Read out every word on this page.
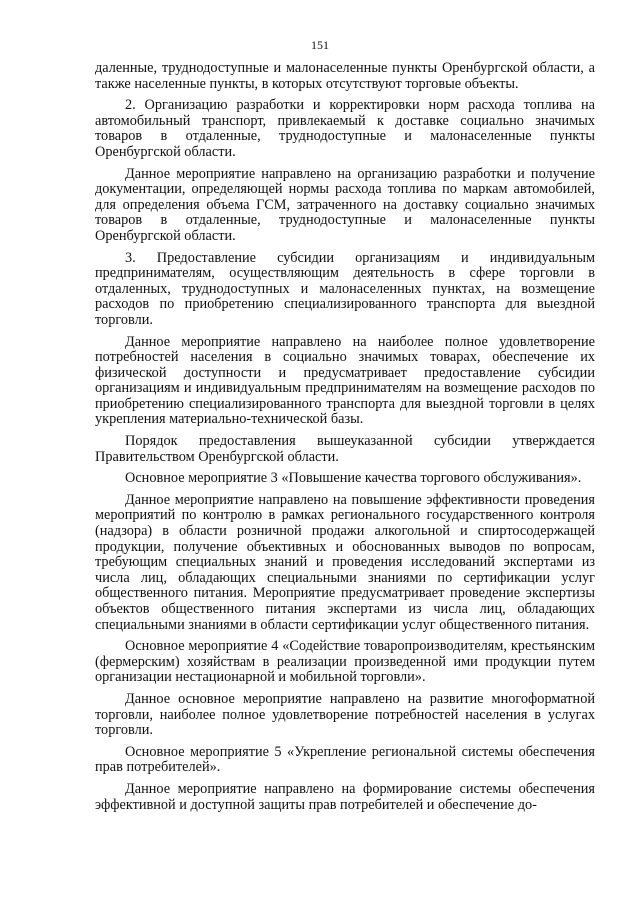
151

даленные, труднодоступные и малонаселенные пункты Оренбургской области, а также населенные пункты, в которых отсутствуют торговые объекты.

2. Организацию разработки и корректировки норм расхода топлива на автомобильный транспорт, привлекаемый к доставке социально значимых товаров в отдаленные, труднодоступные и малонаселенные пункты Оренбургской области.

Данное мероприятие направлено на организацию разработки и получение документации, определяющей нормы расхода топлива по маркам автомобилей, для определения объема ГСМ, затраченного на доставку социально значимых товаров в отдаленные, труднодоступные и малонаселенные пункты Оренбургской области.

3. Предоставление субсидии организациям и индивидуальным предпринимателям, осуществляющим деятельность в сфере торговли в отдаленных, труднодоступных и малонаселенных пунктах, на возмещение расходов по приобретению специализированного транспорта для выездной торговли.

Данное мероприятие направлено на наиболее полное удовлетворение потребностей населения в социально значимых товарах, обеспечение их физической доступности и предусматривает предоставление субсидии организациям и индивидуальным предпринимателям на возмещение расходов по приобретению специализированного транспорта для выездной торговли в целях укрепления материально-технической базы.

Порядок предоставления вышеуказанной субсидии утверждается Правительством Оренбургской области.

Основное мероприятие 3 «Повышение качества торгового обслуживания».

Данное мероприятие направлено на повышение эффективности проведения мероприятий по контролю в рамках регионального государственного контроля (надзора) в области розничной продажи алкогольной и спиртосодержащей продукции, получение объективных и обоснованных выводов по вопросам, требующим специальных знаний и проведения исследований экспертами из числа лиц, обладающих специальными знаниями по сертификации услуг общественного питания. Мероприятие предусматривает проведение экспертизы объектов общественного питания экспертами из числа лиц, обладающих специальными знаниями в области сертификации услуг общественного питания.

Основное мероприятие 4 «Содействие товаропроизводителям, крестьянским (фермерским) хозяйствам в реализации произведенной ими продукции путем организации нестационарной и мобильной торговли».

Данное основное мероприятие направлено на развитие многоформатной торговли, наиболее полное удовлетворение потребностей населения в услугах торговли.

Основное мероприятие 5 «Укрепление региональной системы обеспечения прав потребителей».

Данное мероприятие направлено на формирование системы обеспечения эффективной и доступной защиты прав потребителей и обеспечение до-
